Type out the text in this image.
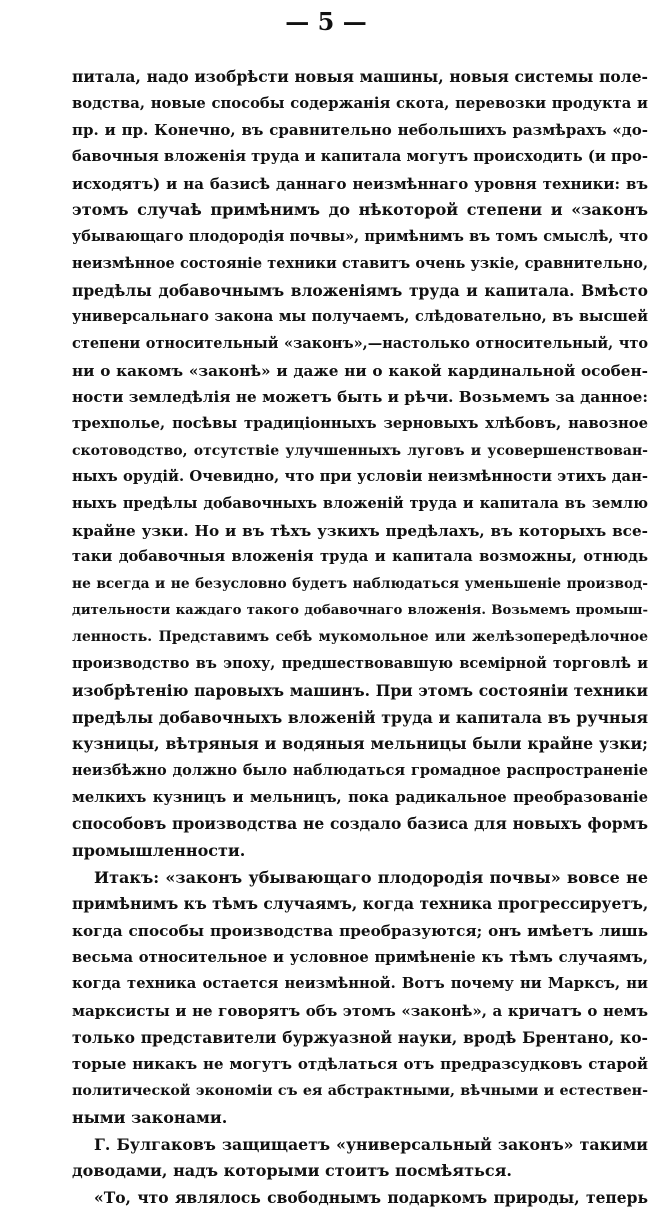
— 5 —
питала, надо изобрѣсти новыя машины, новыя системы поле-
водства, новые способы содержанія скота, перевозки продукта и
пр. и пр. Конечно, въ сравнительно небольшихъ размѣрахъ «до-
бавочныя вложенія труда и капитала могутъ происходить (и про-
исходятъ) и на базисѣ даннаго неизмѣннаго уровня техники: въ
этомъ случаѣ примѣнимъ до нѣкоторой степени и «законъ
убывающаго плодородія почвы», примѣнимъ въ томъ смыслѣ, что
неизмѣнное состояніе техники ставитъ очень узкіе, сравнительно,
предѣлы добавочнымъ вложеніямъ труда и капитала. Вмѣсто
универсальнаго закона мы получаемъ, слѣдовательно, въ высшей
степени относительный «законъ»,—настолько относительный, что
ни о какомъ «законѣ» и даже ни о какой кардинальной особен-
ности земледѣлія не можетъ быть и рѣчи. Возьмемъ за данное:
трехполье, посѣвы традиціонныхъ зерновыхъ хлѣбовъ, навозное
скотоводство, отсутствіе улучшенныхъ луговъ и усовершенствован-
ныхъ орудій. Очевидно, что при условіи неизмѣнности этихъ дан-
ныхъ предѣлы добавочныхъ вложеній труда и капитала въ землю
крайне узки. Но и въ тѣхъ узкихъ предѣлахъ, въ которыхъ все-
таки добавочныя вложенія труда и капитала возможны, отнюдь
не всегда и не безусловно будетъ наблюдаться уменьшеніе производ-
дительности каждаго такого добавочнаго вложенія. Возьмемъ промыш-
ленность. Представимъ себѣ мукомольное или желѣзопередѣлочное
производство въ эпоху, предшествовавшую всемірной торговлѣ и
изобрѣтенію паровыхъ машинъ. При этомъ состояніи техники
предѣлы добавочныхъ вложеній труда и капитала въ ручныя
кузницы, вѣтряныя и водяныя мельницы были крайне узки;
неизбѣжно должно было наблюдаться громадное распространеніе
мелкихъ кузницъ и мельницъ, пока радикальное преобразованіе
способовъ производства не создало базиса для новыхъ формъ
промышленности.
Итакъ: «законъ убывающаго плодородія почвы» вовсе не
примѣнимъ къ тѣмъ случаямъ, когда техника прогрессируетъ,
когда способы производства преобразуются; онъ имѣетъ лишь
весьма относительное и условное примѣненіе къ тѣмъ случаямъ,
когда техника остается неизмѣнной. Вотъ почему ни Марксъ, ни
марксисты и не говорятъ объ этомъ «законѣ», а кричатъ о немъ
только представители буржуазной науки, вродѣ Брентано, ко-
торые никакъ не могутъ отдѣлаться отъ предразсудковъ старой
политической экономіи съ ея абстрактными, вѣчными и естествен-
ными законами.
Г. Булгаковъ защищаетъ «универсальный законъ» такими
доводами, надъ которыми стоитъ посмѣяться.
«То, что являлось свободнымъ подаркомъ природы, теперь
